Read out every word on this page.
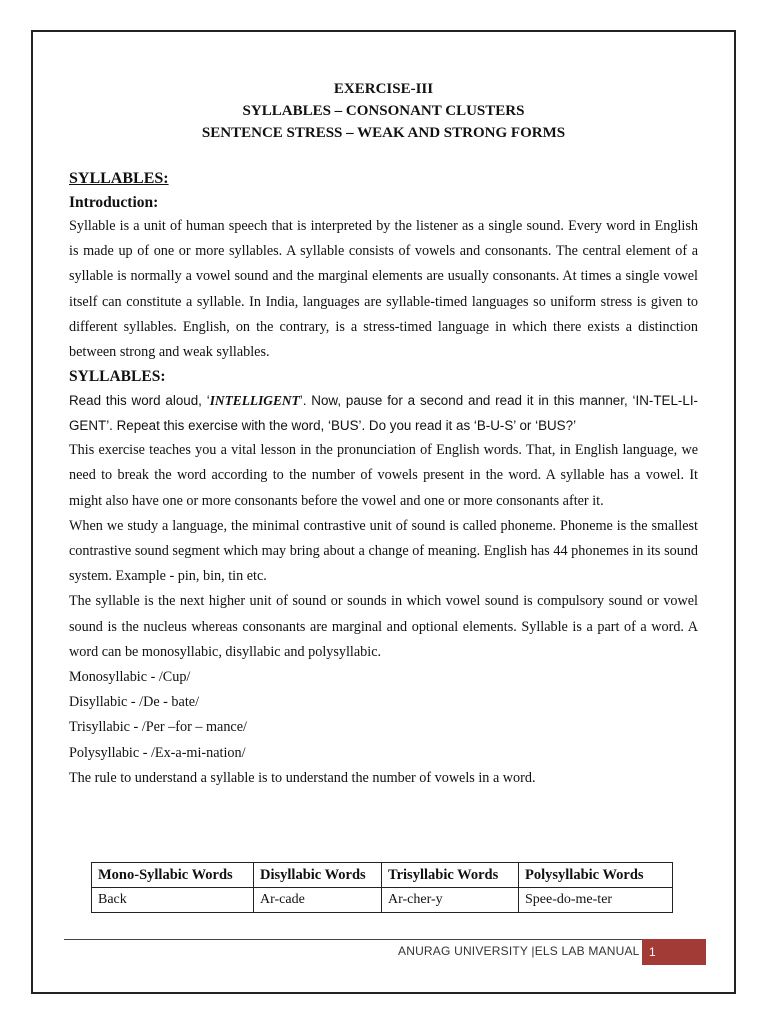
EXERCISE-III
SYLLABLES – CONSONANT CLUSTERS
SENTENCE STRESS – WEAK AND STRONG FORMS
SYLLABLES:
Introduction:

Syllable is a unit of human speech that is interpreted by the listener as a single sound. Every word in English is made up of one or more syllables. A syllable consists of vowels and consonants. The central element of a syllable is normally a vowel sound and the marginal elements are usually consonants. At times a single vowel itself can constitute a syllable. In India, languages are syllable-timed languages so uniform stress is given to different syllables. English, on the contrary, is a stress-timed language in which there exists a distinction between strong and weak syllables.

SYLLABLES:

Read this word aloud, ‘INTELLIGENT’. Now, pause for a second and read it in this manner, ‘IN-TEL-LI-GENT’. Repeat this exercise with the word, ‘BUS’. Do you read it as ‘B-U-S’ or ‘BUS?’

This exercise teaches you a vital lesson in the pronunciation of English words. That, in English language, we need to break the word according to the number of vowels present in the word. A syllable has a vowel. It might also have one or more consonants before the vowel and one or more consonants after it.

When we study a language, the minimal contrastive unit of sound is called phoneme. Phoneme is the smallest contrastive sound segment which may bring about a change of meaning. English has 44 phonemes in its sound system. Example - pin, bin, tin etc.

The syllable is the next higher unit of sound or sounds in which vowel sound is compulsory sound or vowel sound is the nucleus whereas consonants are marginal and optional elements. Syllable is a part of a word. A word can be monosyllabic, disyllabic and polysyllabic.

Monosyllabic - /Cup/

Disyllabic - /De - bate/

Trisyllabic - /Per –for – mance/

Polysyllabic - /Ex-a-mi-nation/

The rule to understand a syllable is to understand the number of vowels in a word.

Mono-Syllabic Words	Disyllabic Words	Trisyllabic Words	Polysyllabic Words
Back	Ar-cade	Ar-cher-y	Spee-do-me-ter
ANURAG UNIVERSITY |ELS LAB MANUAL 1
